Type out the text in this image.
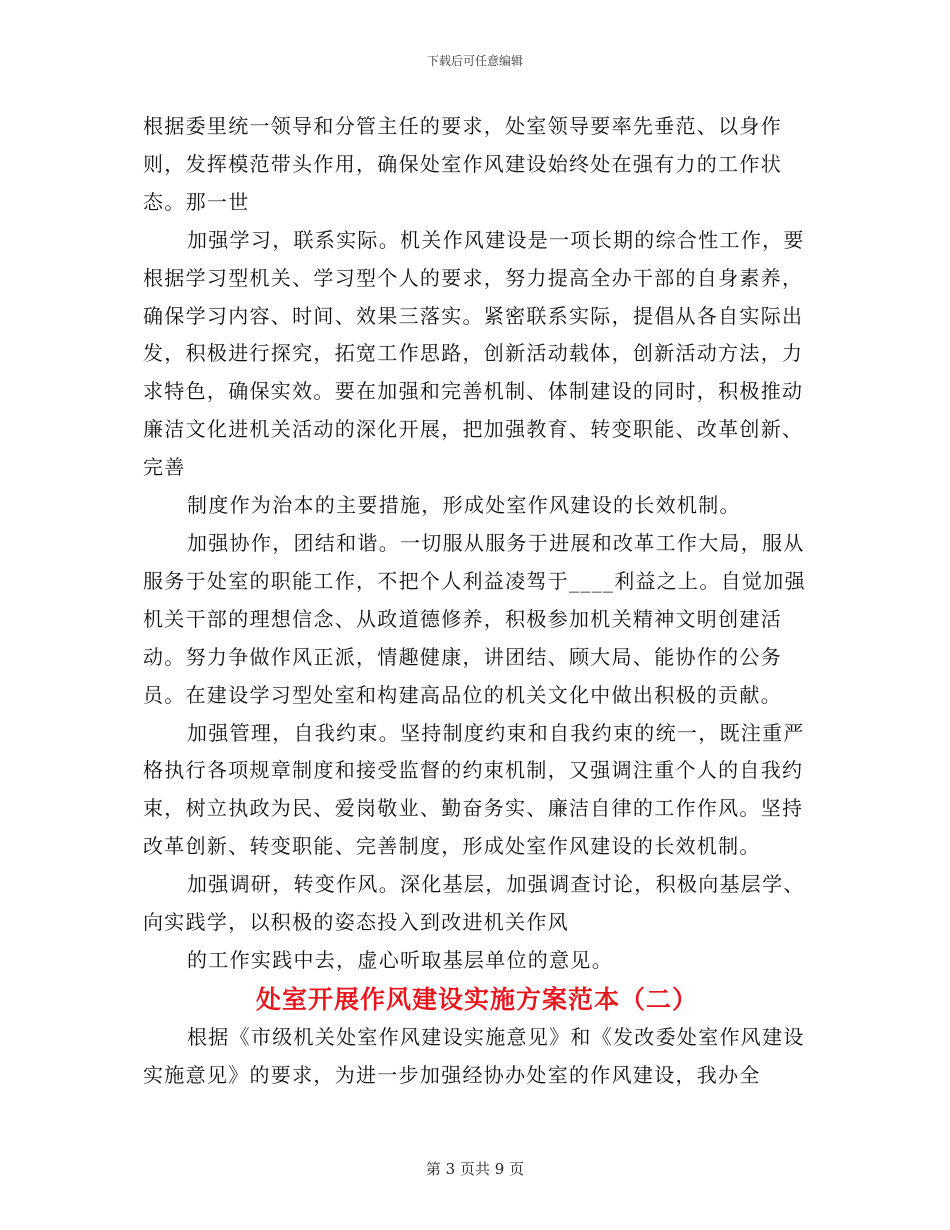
下载后可任意编辑

根据委里统一领导和分管主任的要求，处室领导要率先垂范、以身作则，发挥模范带头作用，确保处室作风建设始终处在强有力的工作状态。那一世

加强学习，联系实际。机关作风建设是一项长期的综合性工作，要根据学习型机关、学习型个人的要求，努力提高全办干部的自身素养，确保学习内容、时间、效果三落实。紧密联系实际，提倡从各自实际出发，积极进行探究，拓宽工作思路，创新活动载体，创新活动方法，力求特色，确保实效。要在加强和完善机制、体制建设的同时，积极推动廉洁文化进机关活动的深化开展，把加强教育、转变职能、改革创新、完善

制度作为治本的主要措施，形成处室作风建设的长效机制。

加强协作，团结和谐。一切服从服务于进展和改革工作大局，服从服务于处室的职能工作，不把个人利益凌驾于____利益之上。自觉加强机关干部的理想信念、从政道德修养，积极参加机关精神文明创建活动。努力争做作风正派，情趣健康，讲团结、顾大局、能协作的公务员。在建设学习型处室和构建高品位的机关文化中做出积极的贡献。

加强管理，自我约束。坚持制度约束和自我约束的统一，既注重严格执行各项规章制度和接受监督的约束机制，又强调注重个人的自我约束，树立执政为民、爱岗敬业、勤奋务实、廉洁自律的工作作风。坚持改革创新、转变职能、完善制度，形成处室作风建设的长效机制。

加强调研，转变作风。深化基层，加强调查讨论，积极向基层学、向实践学，以积极的姿态投入到改进机关作风

的工作实践中去，虚心听取基层单位的意见。

处室开展作风建设实施方案范本（二）

根据《市级机关处室作风建设实施意见》和《发改委处室作风建设实施意见》的要求，为进一步加强经协办处室的作风建设，我办全

第 3 页共 9 页
